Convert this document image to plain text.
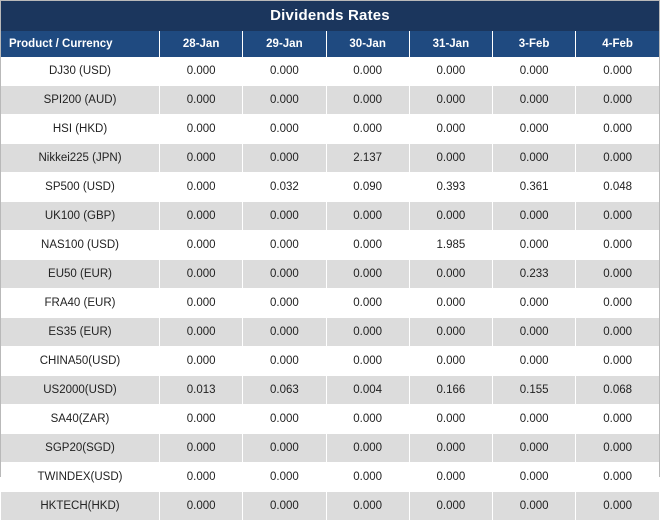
Dividends Rates
Product / Currency	28-Jan	29-Jan	30-Jan	31-Jan	3-Feb	4-Feb
DJ30 (USD)	0.000	0.000	0.000	0.000	0.000	0.000
SPI200 (AUD)	0.000	0.000	0.000	0.000	0.000	0.000
HSI (HKD)	0.000	0.000	0.000	0.000	0.000	0.000
Nikkei225 (JPN)	0.000	0.000	2.137	0.000	0.000	0.000
SP500 (USD)	0.000	0.032	0.090	0.393	0.361	0.048
UK100 (GBP)	0.000	0.000	0.000	0.000	0.000	0.000
NAS100 (USD)	0.000	0.000	0.000	1.985	0.000	0.000
EU50 (EUR)	0.000	0.000	0.000	0.000	0.233	0.000
FRA40 (EUR)	0.000	0.000	0.000	0.000	0.000	0.000
ES35 (EUR)	0.000	0.000	0.000	0.000	0.000	0.000
CHINA50(USD)	0.000	0.000	0.000	0.000	0.000	0.000
US2000(USD)	0.013	0.063	0.004	0.166	0.155	0.068
SA40(ZAR)	0.000	0.000	0.000	0.000	0.000	0.000
SGP20(SGD)	0.000	0.000	0.000	0.000	0.000	0.000
TWINDEX(USD)	0.000	0.000	0.000	0.000	0.000	0.000
HKTECH(HKD)	0.000	0.000	0.000	0.000	0.000	0.000
